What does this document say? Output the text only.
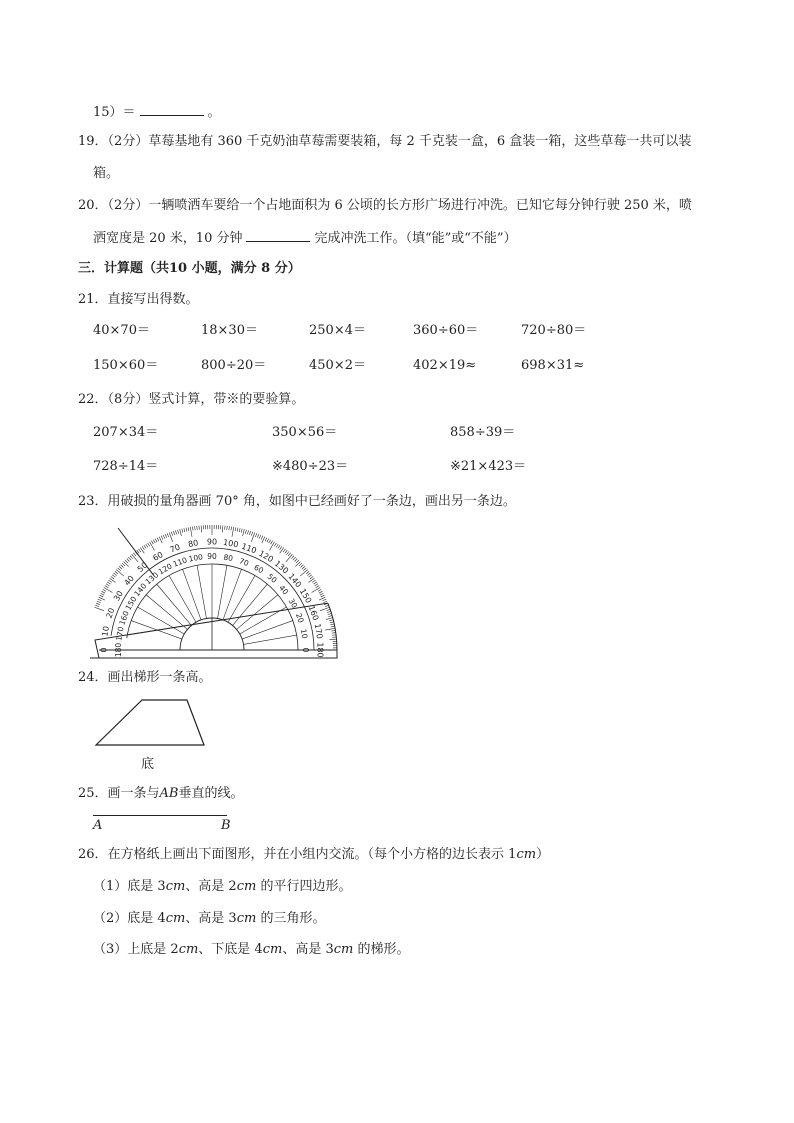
15）＝	。
19．（2分）草莓基地有 360 千克奶油草莓需要装箱，每 2 千克装一盒，6 盒装一箱，这些草莓一共可以装
箱。
20．（2分）一辆喷洒车要给一个占地面积为 6 公顷的长方形广场进行冲洗。已知它每分钟行驶 250 米，喷
洒宽度是 20 米，10 分钟	完成冲洗工作。（填“能”或“不能”）
三．计算题（共10 小题，满分 8 分）
21．直接写出得数。
40×70＝	18×30＝	250×4＝	360÷60＝	720÷80＝
150×60＝	800÷20＝	450×2＝	402×19≈	698×31≈
22．（8分）竖式计算，带※的要验算。
207×34＝	350×56＝	858÷39＝
728÷14＝	※480÷23＝	※21×423＝
23．用破损的量角器画 70° 角，如图中已经画好了一条边，画出另一条边。
0
10
20
30
40
50
60
70 80 90 100 110
120
130
140
150
160
170
180
180
170
160
150
140
130
120
110 100 90 80 70
60
50
40
30
20
10
0
24．画出梯形一条高。
底
25．画一条与AB垂直的线。
A	B
26．在方格纸上画出下面图形，并在小组内交流。（每个小方格的边长表示 1cm）
（1）底是 3cm、高是 2cm 的平行四边形。
（2）底是 4cm、高是 3cm 的三角形。
（3）上底是 2cm、下底是 4cm、高是 3cm 的梯形。
